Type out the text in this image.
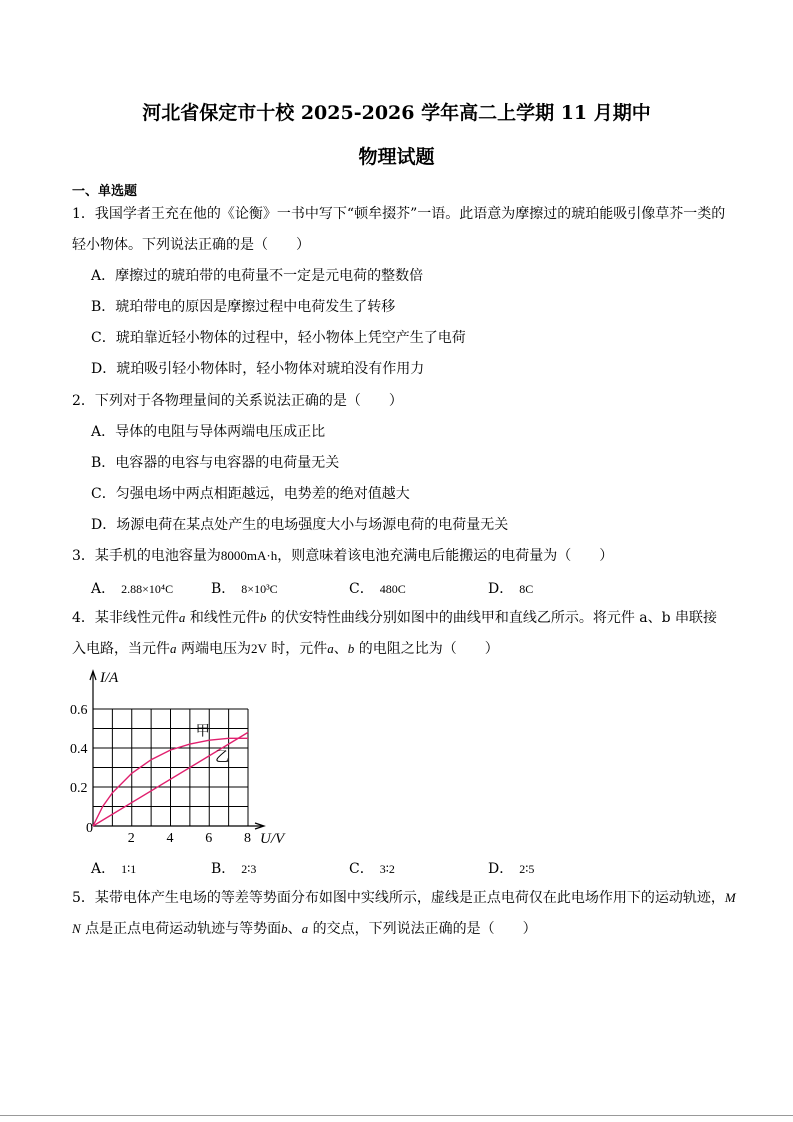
河北省保定市十校 2025-2026 学年高二上学期 11 月期中
物理试题
一、单选题
1．我国学者王充在他的《论衡》一书中写下“顿牟掇芥”一语。此语意为摩擦过的琥珀能吸引像草芥一类的
轻小物体。下列说法正确的是（　　）
A．摩擦过的琥珀带的电荷量不一定是元电荷的整数倍
B．琥珀带电的原因是摩擦过程中电荷发生了转移
C．琥珀靠近轻小物体的过程中，轻小物体上凭空产生了电荷
D．琥珀吸引轻小物体时，轻小物体对琥珀没有作用力
2．下列对于各物理量间的关系说法正确的是（　　）
A．导体的电阻与导体两端电压成正比
B．电容器的电容与电容器的电荷量无关
C．匀强电场中两点相距越远，电势差的绝对值越大
D．场源电荷在某点处产生的电场强度大小与场源电荷的电荷量无关
3．某手机的电池容量为8000mA·h，则意味着该电池充满电后能搬运的电荷量为（　　）
A． 2.88×10⁴C	B． 8×10³C	C． 480C	D． 8C
4．某非线性元件a 和线性元件b 的伏安特性曲线分别如图中的曲线甲和直线乙所示。将元件 a、b 串联接
入电路，当元件a 两端电压为2V 时，元件a、b 的电阻之比为（　　）
甲
乙
2 4 6 8
0.2
0.4
0.6
0
I/A
U/V
A． 1∶1	B． 2∶3	C． 3∶2	D． 2∶5
5．某带电体产生电场的等差等势面分布如图中实线所示，虚线是正点电荷仅在此电场作用下的运动轨迹，M
N 点是正点电荷运动轨迹与等势面b、a 的交点，下列说法正确的是（　　）
